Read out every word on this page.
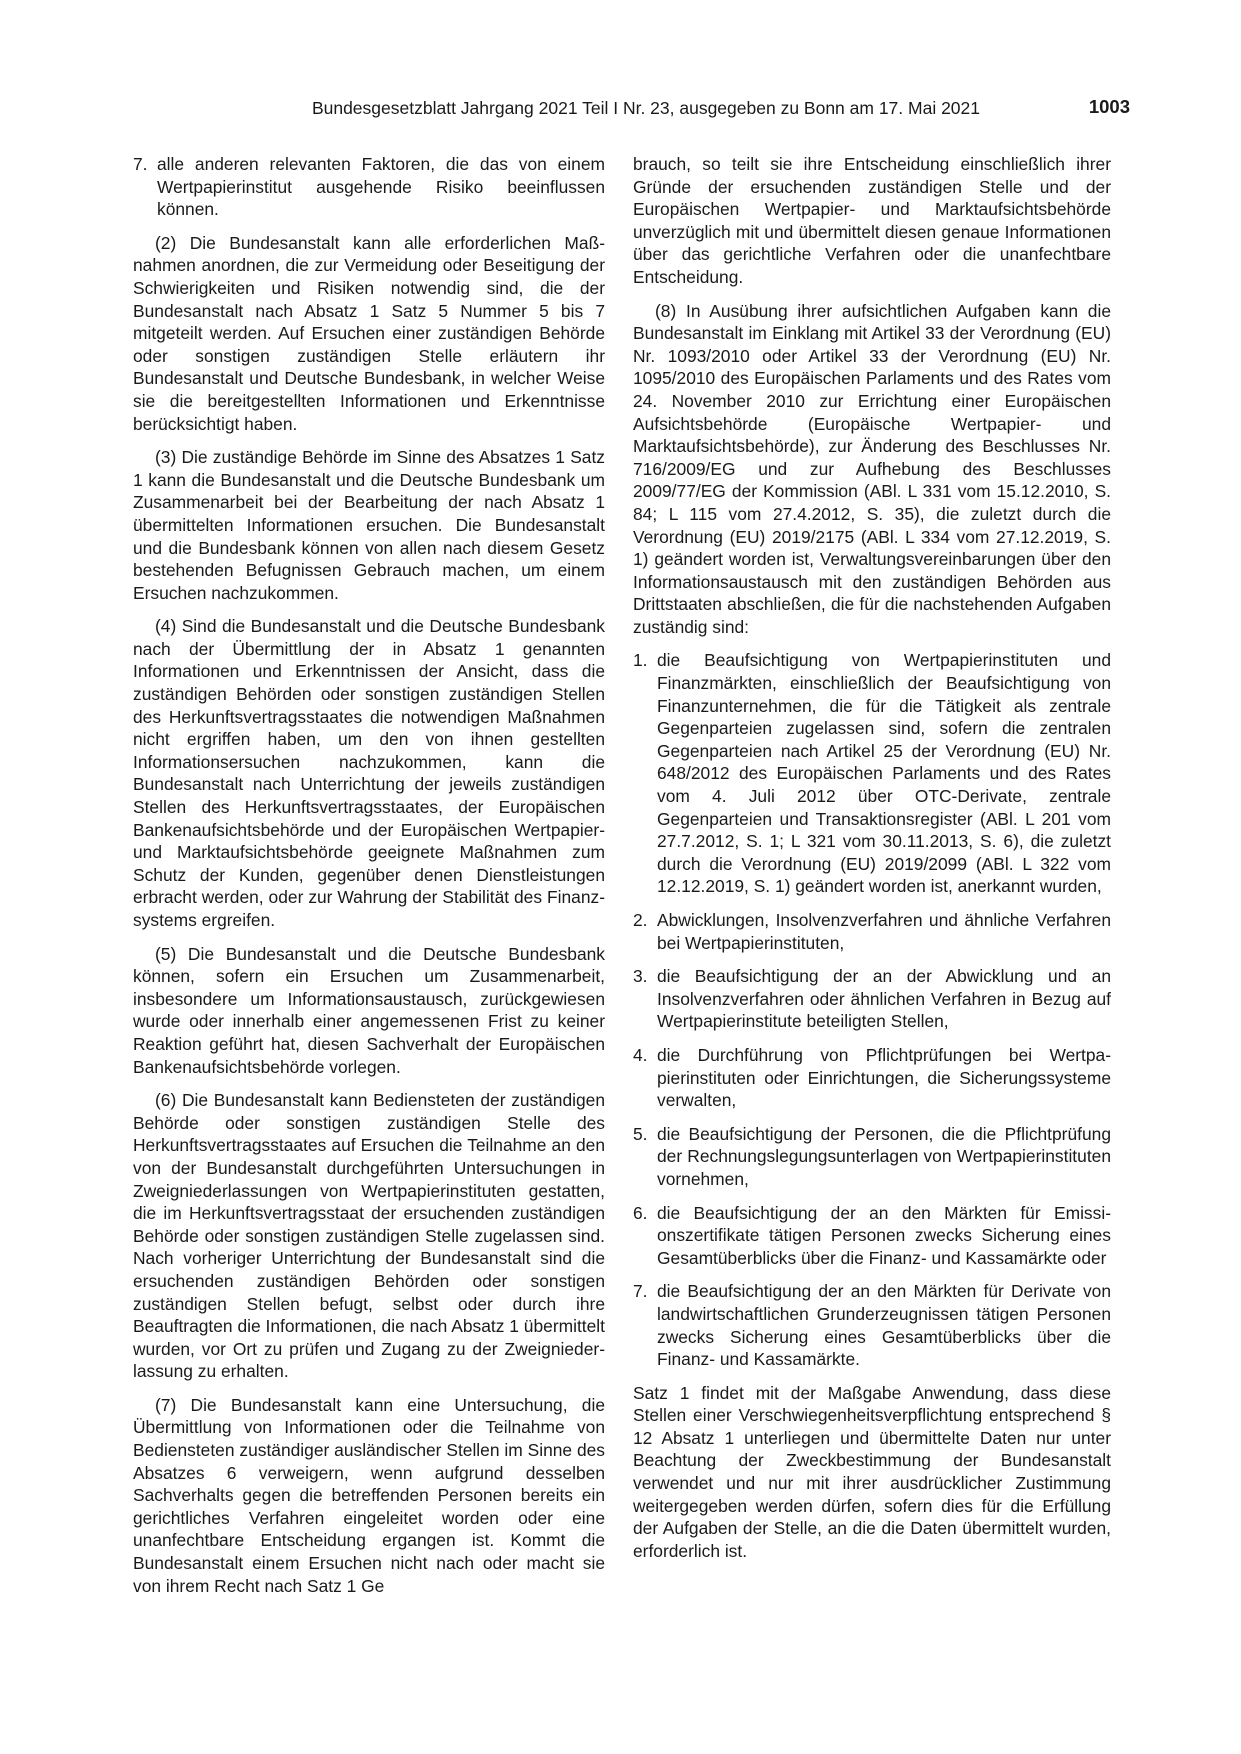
Bundesgesetzblatt Jahrgang 2021 Teil I Nr. 23, ausgegeben zu Bonn am 17. Mai 2021	1003
7. alle anderen relevanten Faktoren, die das von einem Wertpapierinstitut ausgehende Risiko beeinflussen können.

(2) Die Bundesanstalt kann alle erforderlichen Maßnahmen anordnen, die zur Vermeidung oder Beseitigung der Schwierigkeiten und Risiken notwendig sind, die der Bundesanstalt nach Absatz 1 Satz 5 Nummer 5 bis 7 mitgeteilt werden. Auf Ersuchen einer zuständigen Behörde oder sonstigen zuständigen Stelle erläutern ihr Bundesanstalt und Deutsche Bundesbank, in welcher Weise sie die bereitgestellten Informationen und Erkenntnisse berücksichtigt haben.

(3) Die zuständige Behörde im Sinne des Absatzes 1 Satz 1 kann die Bundesanstalt und die Deutsche Bundesbank um Zusammenarbeit bei der Bearbeitung der nach Absatz 1 übermittelten Informationen ersuchen. Die Bundesanstalt und die Bundesbank können von allen nach diesem Gesetz bestehenden Befugnissen Gebrauch machen, um einem Ersuchen nachzukommen.

(4) Sind die Bundesanstalt und die Deutsche Bundesbank nach der Übermittlung der in Absatz 1 genannten Informationen und Erkenntnissen der Ansicht, dass die zuständigen Behörden oder sonstigen zuständigen Stellen des Herkunftsvertragsstaates die notwendigen Maßnahmen nicht ergriffen haben, um den von ihnen gestellten Informationsersuchen nachzukommen, kann die Bundesanstalt nach Unterrichtung der jeweils zuständigen Stellen des Herkunftsvertragsstaates, der Europäischen Bankenaufsichtsbehörde und der Europäischen Wertpapier- und Marktaufsichtsbehörde geeignete Maßnahmen zum Schutz der Kunden, gegenüber denen Dienstleistungen erbracht werden, oder zur Wahrung der Stabilität des Finanzsystems ergreifen.

(5) Die Bundesanstalt und die Deutsche Bundesbank können, sofern ein Ersuchen um Zusammenarbeit, insbesondere um Informationsaustausch, zurückgewiesen wurde oder innerhalb einer angemessenen Frist zu keiner Reaktion geführt hat, diesen Sachverhalt der Europäischen Bankenaufsichtsbehörde vorlegen.

(6) Die Bundesanstalt kann Bediensteten der zuständigen Behörde oder sonstigen zuständigen Stelle des Herkunftsvertragsstaates auf Ersuchen die Teilnahme an den von der Bundesanstalt durchgeführten Untersuchungen in Zweigniederlassungen von Wertpapierinstituten gestatten, die im Herkunftsvertragsstaat der ersuchenden zuständigen Behörde oder sonstigen zuständigen Stelle zugelassen sind. Nach vorheriger Unterrichtung der Bundesanstalt sind die ersuchenden zuständigen Behörden oder sonstigen zuständigen Stellen befugt, selbst oder durch ihre Beauftragten die Informationen, die nach Absatz 1 übermittelt wurden, vor Ort zu prüfen und Zugang zu der Zweigniederlassung zu erhalten.

(7) Die Bundesanstalt kann eine Untersuchung, die Übermittlung von Informationen oder die Teilnahme von Bediensteten zuständiger ausländischer Stellen im Sinne des Absatzes 6 verweigern, wenn aufgrund desselben Sachverhalts gegen die betreffenden Personen bereits ein gerichtliches Verfahren eingeleitet worden oder eine unanfechtbare Entscheidung ergangen ist. Kommt die Bundesanstalt einem Ersuchen nicht nach oder macht sie von ihrem Recht nach Satz 1 Ge

brauch, so teilt sie ihre Entscheidung einschließlich ihrer Gründe der ersuchenden zuständigen Stelle und der Europäischen Wertpapier- und Marktaufsichtsbehörde unverzüglich mit und übermittelt diesen genaue Informationen über das gerichtliche Verfahren oder die unanfechtbare Entscheidung.

(8) In Ausübung ihrer aufsichtlichen Aufgaben kann die Bundesanstalt im Einklang mit Artikel 33 der Verordnung (EU) Nr. 1093/2010 oder Artikel 33 der Verordnung (EU) Nr. 1095/2010 des Europäischen Parlaments und des Rates vom 24. November 2010 zur Errichtung einer Europäischen Aufsichtsbehörde (Europäische Wertpapier- und Marktaufsichtsbehörde), zur Änderung des Beschlusses Nr. 716/2009/EG und zur Aufhebung des Beschlusses 2009/77/EG der Kommission (ABl. L 331 vom 15.12.2010, S. 84; L 115 vom 27.4.2012, S. 35), die zuletzt durch die Verordnung (EU) 2019/2175 (ABl. L 334 vom 27.12.2019, S. 1) geändert worden ist, Verwaltungsvereinbarungen über den Informationsaustausch mit den zuständigen Behörden aus Drittstaaten abschließen, die für die nachstehenden Aufgaben zuständig sind:

1. die Beaufsichtigung von Wertpapierinstituten und Finanzmärkten, einschließlich der Beaufsichtigung von Finanzunternehmen, die für die Tätigkeit als zentrale Gegenparteien zugelassen sind, sofern die zentralen Gegenparteien nach Artikel 25 der Verordnung (EU) Nr. 648/2012 des Europäischen Parlaments und des Rates vom 4. Juli 2012 über OTC-Derivate, zentrale Gegenparteien und Transaktionsregister (ABl. L 201 vom 27.7.2012, S. 1; L 321 vom 30.11.2013, S. 6), die zuletzt durch die Verordnung (EU) 2019/2099 (ABl. L 322 vom 12.12.2019, S. 1) geändert worden ist, anerkannt wurden,
2. Abwicklungen, Insolvenzverfahren und ähnliche Verfahren bei Wertpapierinstituten,
3. die Beaufsichtigung der an der Abwicklung und an Insolvenzverfahren oder ähnlichen Verfahren in Bezug auf Wertpapierinstitute beteiligten Stellen,
4. die Durchführung von Pflichtprüfungen bei Wertpapierinstituten oder Einrichtungen, die Sicherungssysteme verwalten,
5. die Beaufsichtigung der Personen, die die Pflichtprüfung der Rechnungslegungsunterlagen von Wertpapierinstituten vornehmen,
6. die Beaufsichtigung der an den Märkten für Emissionszertifikate tätigen Personen zwecks Sicherung eines Gesamtüberblicks über die Finanz- und Kassamärkte oder
7. die Beaufsichtigung der an den Märkten für Derivate von landwirtschaftlichen Grunderzeugnissen tätigen Personen zwecks Sicherung eines Gesamtüberblicks über die Finanz- und Kassamärkte.

Satz 1 findet mit der Maßgabe Anwendung, dass diese Stellen einer Verschwiegenheitsverpflichtung entsprechend § 12 Absatz 1 unterliegen und übermittelte Daten nur unter Beachtung der Zweckbestimmung der Bundesanstalt verwendet und nur mit ihrer ausdrücklicher Zustimmung weitergegeben werden dürfen, sofern dies für die Erfüllung der Aufgaben der Stelle, an die die Daten übermittelt wurden, erforderlich ist.
